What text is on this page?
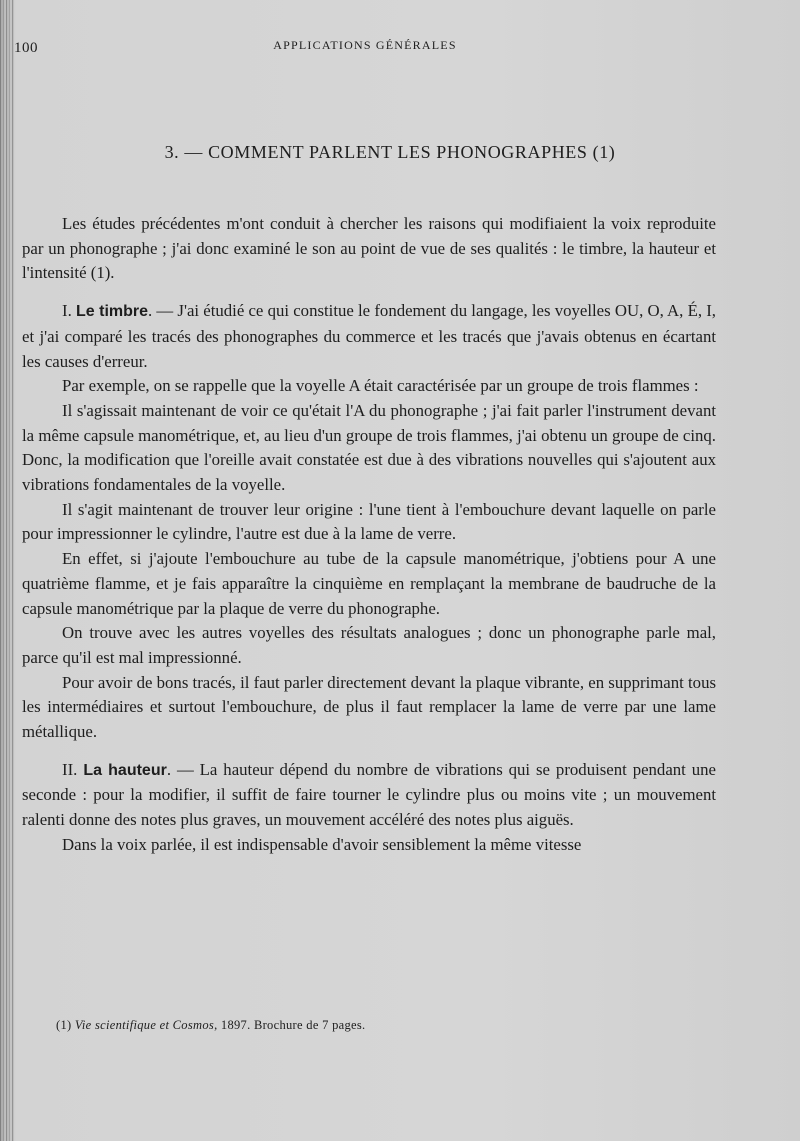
100	APPLICATIONS GÉNÉRALES
3. — COMMENT PARLENT LES PHONOGRAPHES (1)

Les études précédentes m'ont conduit à chercher les raisons qui modifiaient la voix reproduite par un phonographe ; j'ai donc examiné le son au point de vue de ses qualités : le timbre, la hauteur et l'intensité (1).

I. Le timbre. — J'ai étudié ce qui constitue le fondement du langage, les voyelles OU, O, A, É, I, et j'ai comparé les tracés des phonographes du commerce et les tracés que j'avais obtenus en écartant les causes d'erreur.

Par exemple, on se rappelle que la voyelle A était caractérisée par un groupe de trois flammes :

Il s'agissait maintenant de voir ce qu'était l'A du phonographe ; j'ai fait parler l'instrument devant la même capsule manométrique, et, au lieu d'un groupe de trois flammes, j'ai obtenu un groupe de cinq. Donc, la modification que l'oreille avait constatée est due à des vibrations nouvelles qui s'ajoutent aux vibrations fondamentales de la voyelle.

Il s'agit maintenant de trouver leur origine : l'une tient à l'embouchure devant laquelle on parle pour impressionner le cylindre, l'autre est due à la lame de verre.

En effet, si j'ajoute l'embouchure au tube de la capsule manométrique, j'obtiens pour A une quatrième flamme, et je fais apparaître la cinquième en remplaçant la membrane de baudruche de la capsule manométrique par la plaque de verre du phonographe.

On trouve avec les autres voyelles des résultats analogues ; donc un phonographe parle mal, parce qu'il est mal impressionné.

Pour avoir de bons tracés, il faut parler directement devant la plaque vibrante, en supprimant tous les intermédiaires et surtout l'embouchure, de plus il faut remplacer la lame de verre par une lame métallique.

II. La hauteur. — La hauteur dépend du nombre de vibrations qui se produisent pendant une seconde : pour la modifier, il suffit de faire tourner le cylindre plus ou moins vite ; un mouvement ralenti donne des notes plus graves, un mouvement accéléré des notes plus aiguës.

Dans la voix parlée, il est indispensable d'avoir sensiblement la même vitesse

(1) Vie scientifique et Cosmos, 1897. Brochure de 7 pages.
